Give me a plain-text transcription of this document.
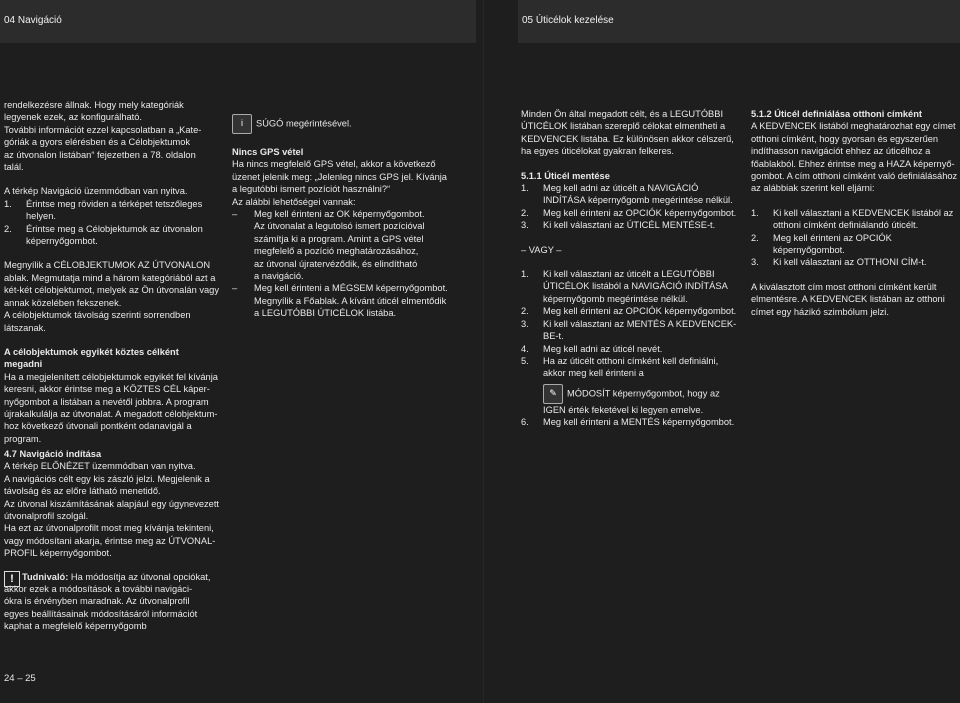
04 Navigáció	05 Úticélok kezelése

rendelkezésre állnak. Hogy mely kategóriák

legyenek ezek, az konfigurálható.

További információt ezzel kapcsolatban a „Kate-

góriák a gyors elérésben és a Célobjektumok

az útvonalon listában“ fejezetben a 78. oldalon

talál.

A térkép Navigáció üzemmódban van nyitva.

1.	Érintse meg röviden a térképet tetszőleges helyen.
2.	Érintse meg a Célobjektumok az útvonalon
képernyőgombot.

Megnyílik a CÉLOBJEKTUMOK AZ ÚTVONALON

ablak. Megmutatja mind a három kategóriából azt a

két-két célobjektumot, melyek az Ön útvonalán vagy

annak közelében fekszenek.

A célobjektumok távolság szerinti sorrendben

látszanak.

A célobjektumok egyikét köztes célként

megadni

Ha a megjelenített célobjektumok egyikét fel kívánja

keresni, akkor érintse meg a KÖZTES CÉL káper-

nyőgombot a listában a nevétől jobbra. A program

újrakalkulálja az útvonalat. A megadott célobjektum-

hoz következő útvonali pontként odanavigál a

program.

i SÚGÓ megérintésével.

Nincs GPS vétel

Ha nincs megfelelő GPS vétel, akkor a következő

üzenet jelenik meg: „Jelenleg nincs GPS jel. Kívánja

a legutóbbi ismert pozíciót használni?“

Az alábbi lehetőségei vannak:

–	Meg kell érinteni az OK képernyőgombot.

Az útvonalat a legutolsó ismert pozícióval

számítja ki a program. Amint a GPS vétel

megfelelő a pozíció meghatározásához,

az útvonal újratervéződik, és elindítható

a navigáció.

–	Meg kell érinteni a MÉGSEM képernyőgombot.

Megnyílik a Főablak. A kívánt úticél elmentődik

a LEGUTÓBBI ÚTICÉLOK listába.

Minden Ön által megadott célt, és a LEGUTÓBBI

ÚTICÉLOK listában szereplő célokat elmentheti a

KEDVENCEK listába. Ez különösen akkor célszerű,

ha egyes úticélokat gyakran felkeres.

5.1.1 Úticél mentése

1.	Meg kell adni az úticélt a NAVIGÁCIÓ
INDÍTÁSA képernyőgomb megérintése nélkül.
2.	Meg kell érinteni az OPCIÓK képernyőgombot.
3.	Ki kell választani az ÚTICÉL MENTÉSE-t.

– VAGY –

1.	Ki kell választani az úticélt a LEGUTÓBBI
ÚTICÉLOK listából a NAVIGÁCIÓ INDÍTÁSA
képernyőgomb megérintése nélkül.
2.	Meg kell érinteni az OPCIÓK képernyőgombot.
3.	Ki kell választani az MENTÉS A KEDVENCEK-
BE-t.
4.	Meg kell adni az úticél nevét.
5.	Ha az úticélt otthoni címként kell definiálni,
akkor meg kell érinteni a
✎ MÓDOSÍT képernyőgombot, hogy az
IGEN érték feketével ki legyen emelve.
6.	Meg kell érinteni a MENTÉS képernyőgombot.

5.1.2 Úticél definiálása otthoni címként

A KEDVENCEK listából meghatározhat egy címet

otthoni címként, hogy gyorsan és egyszerűen

indíthasson navigációt ehhez az úticélhoz a

főablakból. Ehhez érintse meg a HAZA képernyő-

gombot. A cím otthoni címként való definiálásához

az alábbiak szerint kell eljárni:

1.	Ki kell választani a KEDVENCEK listából az
otthoni címként definiálandó úticélt.
2.	Meg kell érinteni az OPCIÓK képernyőgombot.
3.	Ki kell választani az OTTHONI CÍM-t.

A kiválasztott cím most otthoni címként került

elmentésre. A KEDVENCEK listában az otthoni

címet egy házikó szimbólum jelzi.

4.7 Navigáció indítása

A térkép ELŐNÉZET üzemmódban van nyitva.

A navigációs célt egy kis zászló jelzi. Megjelenik a

távolság és az előre látható menetidő.

Az útvonal kiszámításának alapjául egy úgynevezett

útvonalprofil szolgál.

Ha ezt az útvonalprofilt most meg kívánja tekinteni,

vagy módosítani akarja, érintse meg az ÚTVONAL-

PROFIL képernyőgombot.

! Tudnivaló: Ha módosítja az útvonal opciókat,

akkor ezek a módosítások a további navigáci-

ókra is érvényben maradnak. Az útvonalprofil

egyes beállításainak módosításáról információt

kaphat a megfelelő képernyőgomb

24 – 25
